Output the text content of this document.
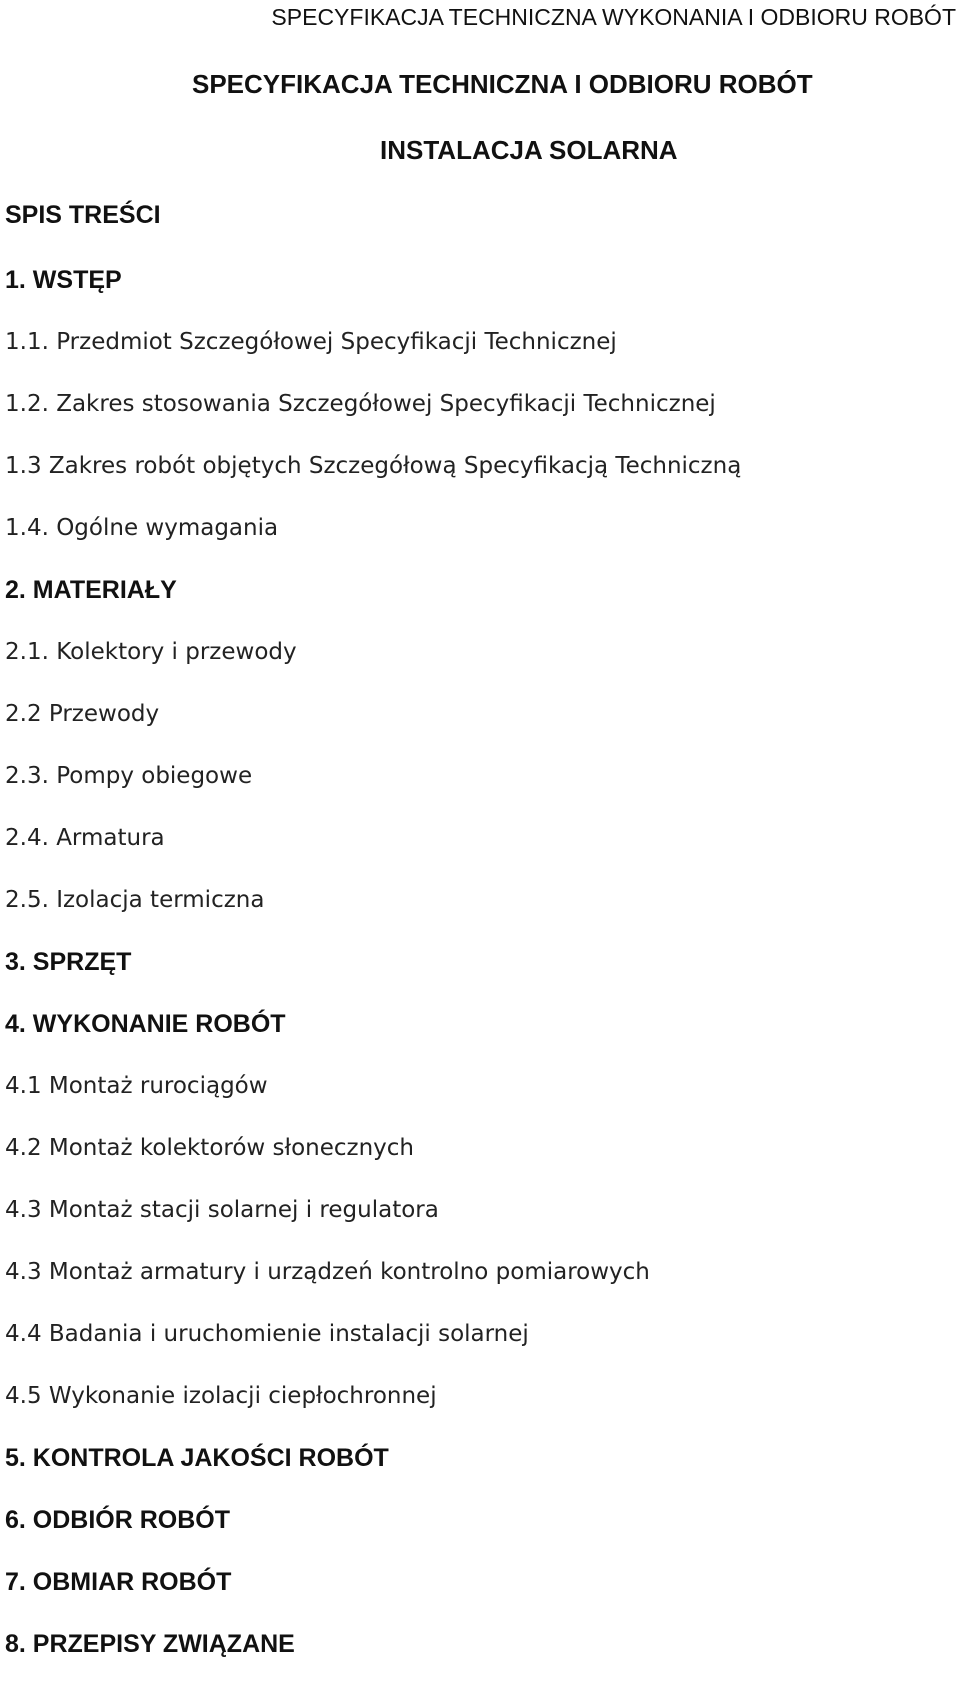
SPECYFIKACJA TECHNICZNA WYKONANIA I ODBIORU ROBÓT
SPECYFIKACJA TECHNICZNA I ODBIORU ROBÓT
INSTALACJA SOLARNA
SPIS TREŚCI
1. WSTĘP
1.1. Przedmiot Szczegółowej Specyfikacji Technicznej
1.2. Zakres stosowania Szczegółowej Specyfikacji Technicznej
1.3 Zakres robót objętych Szczegółową Specyfikacją Techniczną
1.4. Ogólne wymagania
2. MATERIAŁY
2.1. Kolektory i przewody
2.2 Przewody
2.3. Pompy obiegowe
2.4. Armatura
2.5. Izolacja termiczna
3. SPRZĘT
4. WYKONANIE ROBÓT
4.1 Montaż rurociągów
4.2 Montaż kolektorów słonecznych
4.3 Montaż stacji solarnej i regulatora
4.3 Montaż armatury i urządzeń kontrolno pomiarowych
4.4 Badania i uruchomienie instalacji solarnej
4.5 Wykonanie izolacji ciepłochronnej
5. KONTROLA JAKOŚCI ROBÓT
6. ODBIÓR ROBÓT
7. OBMIAR ROBÓT
8. PRZEPISY ZWIĄZANE
